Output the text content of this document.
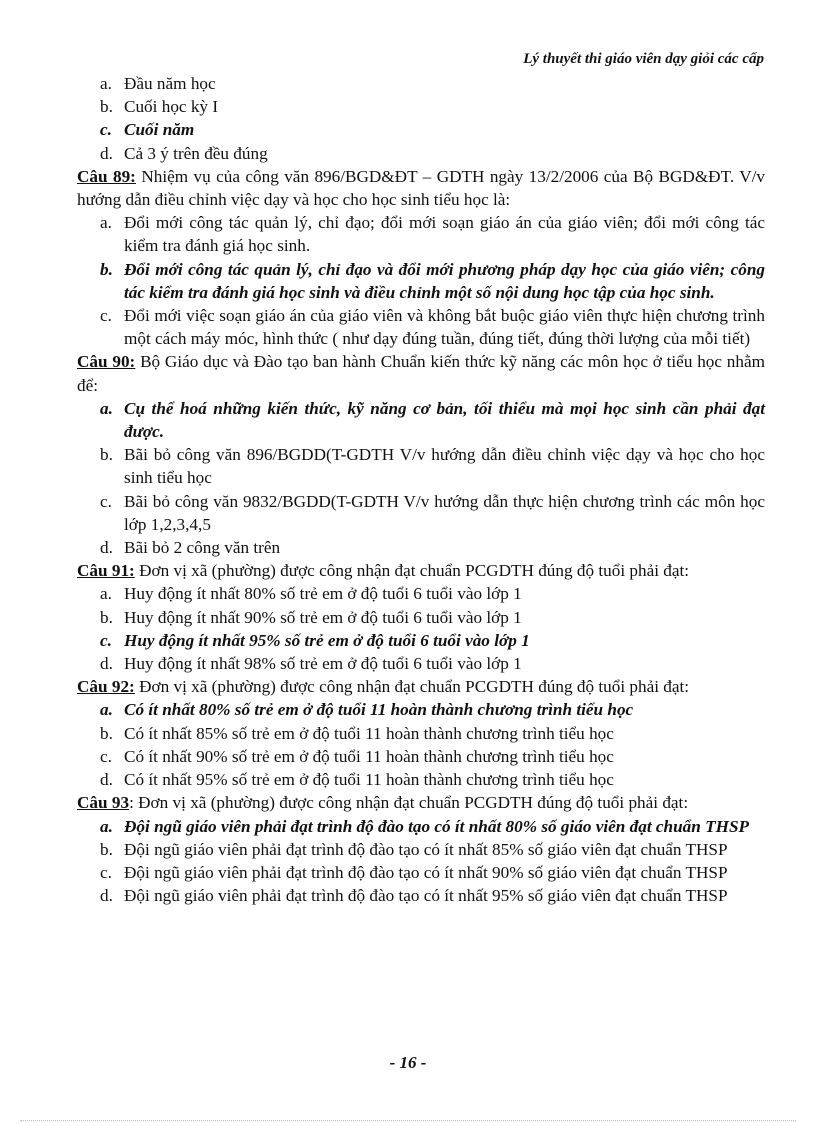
Lý thuyết thi giáo viên dạy giỏi các cấp
a. Đầu năm học
b. Cuối học kỳ I
c. Cuối năm
d. Cả 3 ý trên đều đúng
Câu 89: Nhiệm vụ của công văn 896/BGD&ĐT – GDTH ngày 13/2/2006 của Bộ BGD&ĐT. V/v hướng dẫn điều chỉnh việc dạy và học cho học sinh tiểu học là:
a. Đổi mới công tác quản lý, chỉ đạo; đổi mới soạn giáo án của giáo viên; đổi mới công tác kiểm tra đánh giá học sinh.
b. Đổi mới công tác quản lý, chỉ đạo và đổi mới phương pháp dạy học của giáo viên; công tác kiểm tra đánh giá học sinh và điều chỉnh một số nội dung học tập của học sinh.
c. Đổi mới việc soạn giáo án của giáo viên và không bắt buộc giáo viên thực hiện chương trình một cách máy móc, hình thức ( như dạy đúng tuần, đúng tiết, đúng thời lượng của mỗi tiết)
Câu 90: Bộ Giáo dục và Đào tạo ban hành Chuẩn kiến thức kỹ năng các môn học ở tiểu học nhằm để:
a. Cụ thể hoá những kiến thức, kỹ năng cơ bản, tối thiểu mà mọi học sinh cần phải đạt được.
b. Bãi bỏ công văn 896/BGDD(T-GDTH V/v hướng dẫn điều chỉnh việc dạy và học cho học sinh tiểu học
c. Bãi bỏ công văn 9832/BGDD(T-GDTH V/v hướng dẫn thực hiện chương trình các môn học lớp 1,2,3,4,5
d. Bãi bỏ 2 công văn trên
Câu 91: Đơn vị xã (phường) được công nhận đạt chuẩn PCGDTH đúng độ tuổi phải đạt:
a. Huy động ít nhất 80% số trẻ em ở độ tuổi 6 tuổi vào lớp 1
b. Huy động ít nhất 90% số trẻ em ở độ tuổi 6 tuổi vào lớp 1
c. Huy động ít nhất 95% số trẻ em ở độ tuổi 6 tuổi vào lớp 1
d. Huy động ít nhất 98% số trẻ em ở độ tuổi 6 tuổi vào lớp 1
Câu 92: Đơn vị xã (phường) được công nhận đạt chuẩn PCGDTH đúng độ tuổi phải đạt:
a. Có ít nhất 80% số trẻ em ở độ tuổi 11 hoàn thành chương trình tiểu học
b. Có ít nhất 85% số trẻ em ở độ tuổi 11 hoàn thành chương trình tiểu học
c. Có ít nhất 90% số trẻ em ở độ tuổi 11 hoàn thành chương trình tiểu học
d. Có ít nhất 95% số trẻ em ở độ tuổi 11 hoàn thành chương trình tiểu học
Câu 93: Đơn vị xã (phường) được công nhận đạt chuẩn PCGDTH đúng độ tuổi phải đạt:
a. Đội ngũ giáo viên phải đạt trình độ đào tạo có ít nhất 80% số giáo viên đạt chuẩn THSP
b. Đội ngũ giáo viên phải đạt trình độ đào tạo có ít nhất 85% số giáo viên đạt chuẩn THSP
c. Đội ngũ giáo viên phải đạt trình độ đào tạo có ít nhất 90% số giáo viên đạt chuẩn THSP
d. Đội ngũ giáo viên phải đạt trình độ đào tạo có ít nhất 95% số giáo viên đạt chuẩn THSP
- 16 -
